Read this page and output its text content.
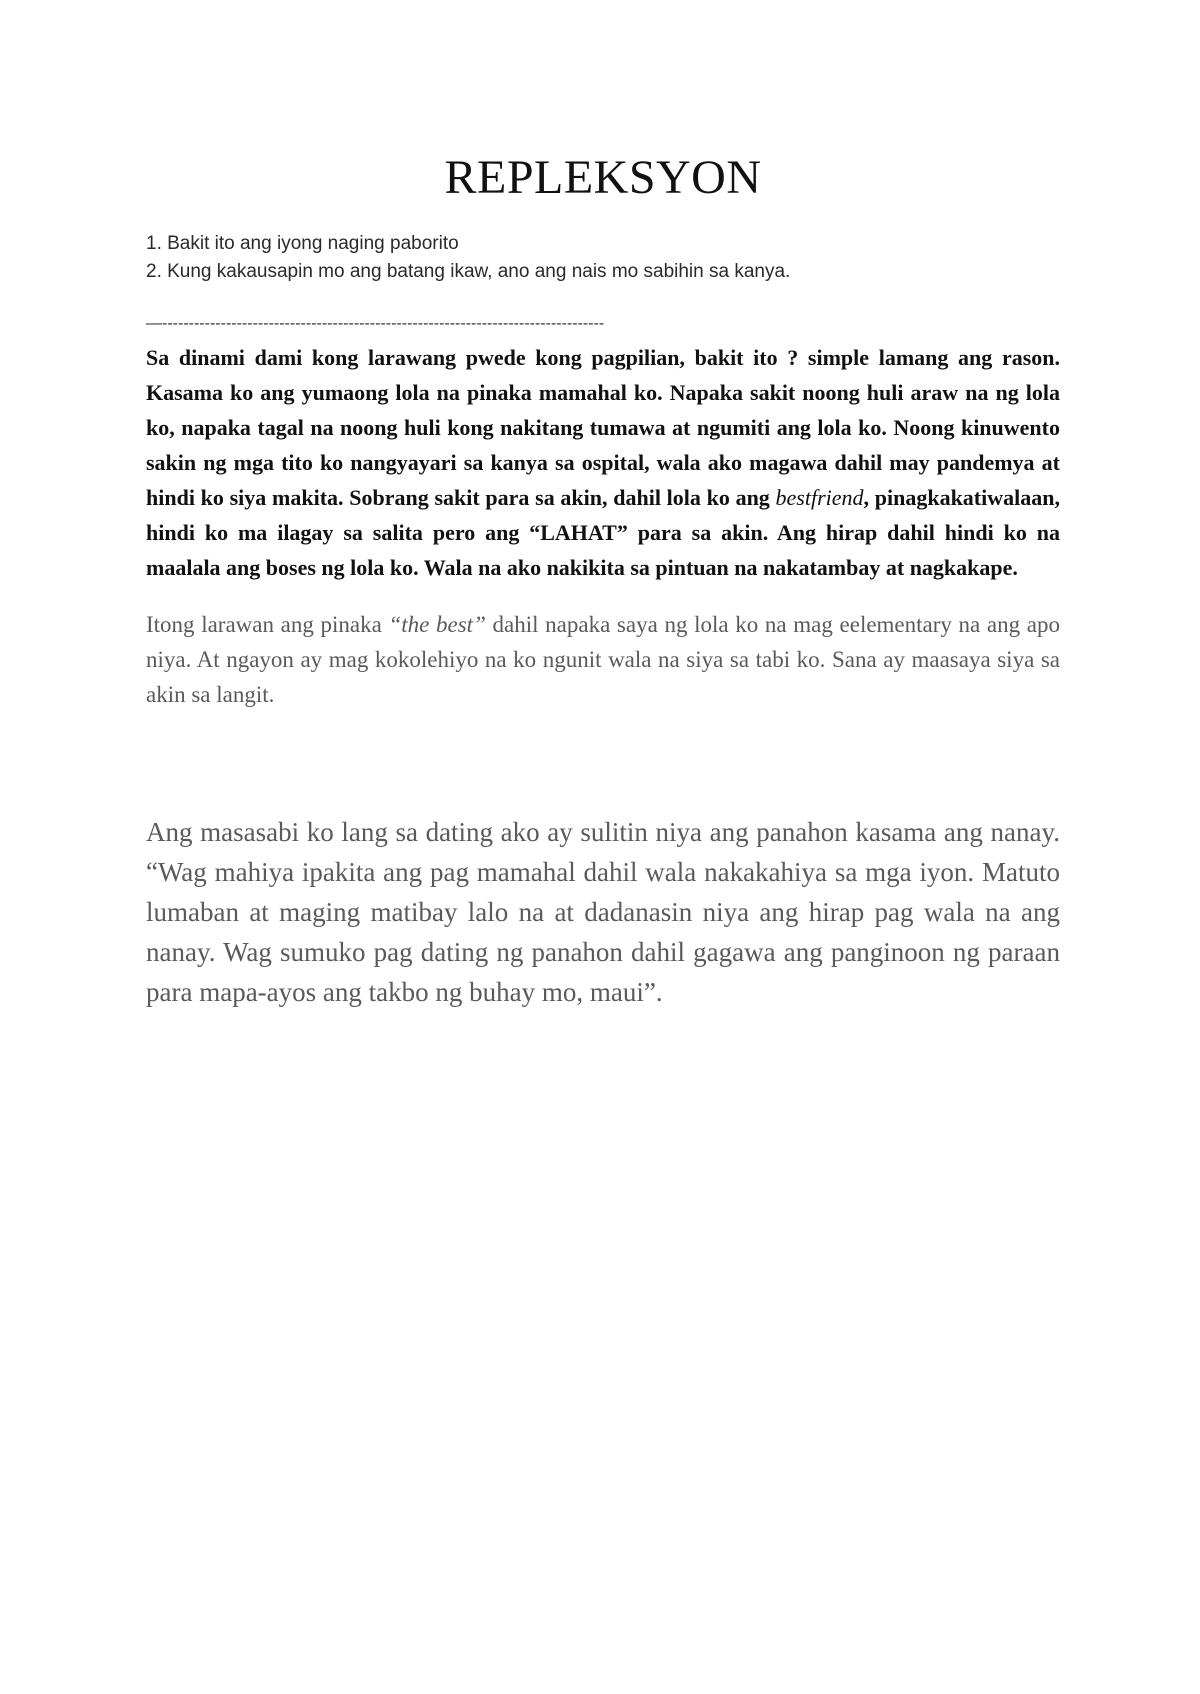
REPLEKSYON
1. Bakit ito ang iyong naging paborito
2. Kung kakausapin mo ang batang ikaw, ano ang nais mo sabihin sa kanya.
—-----------------------------------------------------------------------------------

Sa dinami dami kong larawang pwede kong pagpilian, bakit ito ? simple lamang ang rason. Kasama ko ang yumaong lola na pinaka mamahal ko. Napaka sakit noong huli araw na ng lola ko, napaka tagal na noong huli kong nakitang tumawa at ngumiti ang lola ko. Noong kinuwento sakin ng mga tito ko nangyayari sa kanya sa ospital, wala ako magawa dahil may pandemya at hindi ko siya makita. Sobrang sakit para sa akin, dahil lola ko ang bestfriend, pinagkakatiwalaan, hindi ko ma ilagay sa salita pero ang “LAHAT” para sa akin. Ang hirap dahil hindi ko na maalala ang boses ng lola ko. Wala na ako nakikita sa pintuan na nakatambay at nagkakape.

Itong larawan ang pinaka “the best” dahil napaka saya ng lola ko na mag eelementary na ang apo niya. At ngayon ay mag kokolehiyo na ko ngunit wala na siya sa tabi ko. Sana ay maasaya siya sa akin sa langit.

Ang masasabi ko lang sa dating ako ay sulitin niya ang panahon kasama ang nanay. “Wag mahiya ipakita ang pag mamahal dahil wala nakakahiya sa mga iyon. Matuto lumaban at maging matibay lalo na at dadanasin niya ang hirap pag wala na ang nanay. Wag sumuko pag dating ng panahon dahil gagawa ang panginoon ng paraan para mapa-ayos ang takbo ng buhay mo, maui”.
